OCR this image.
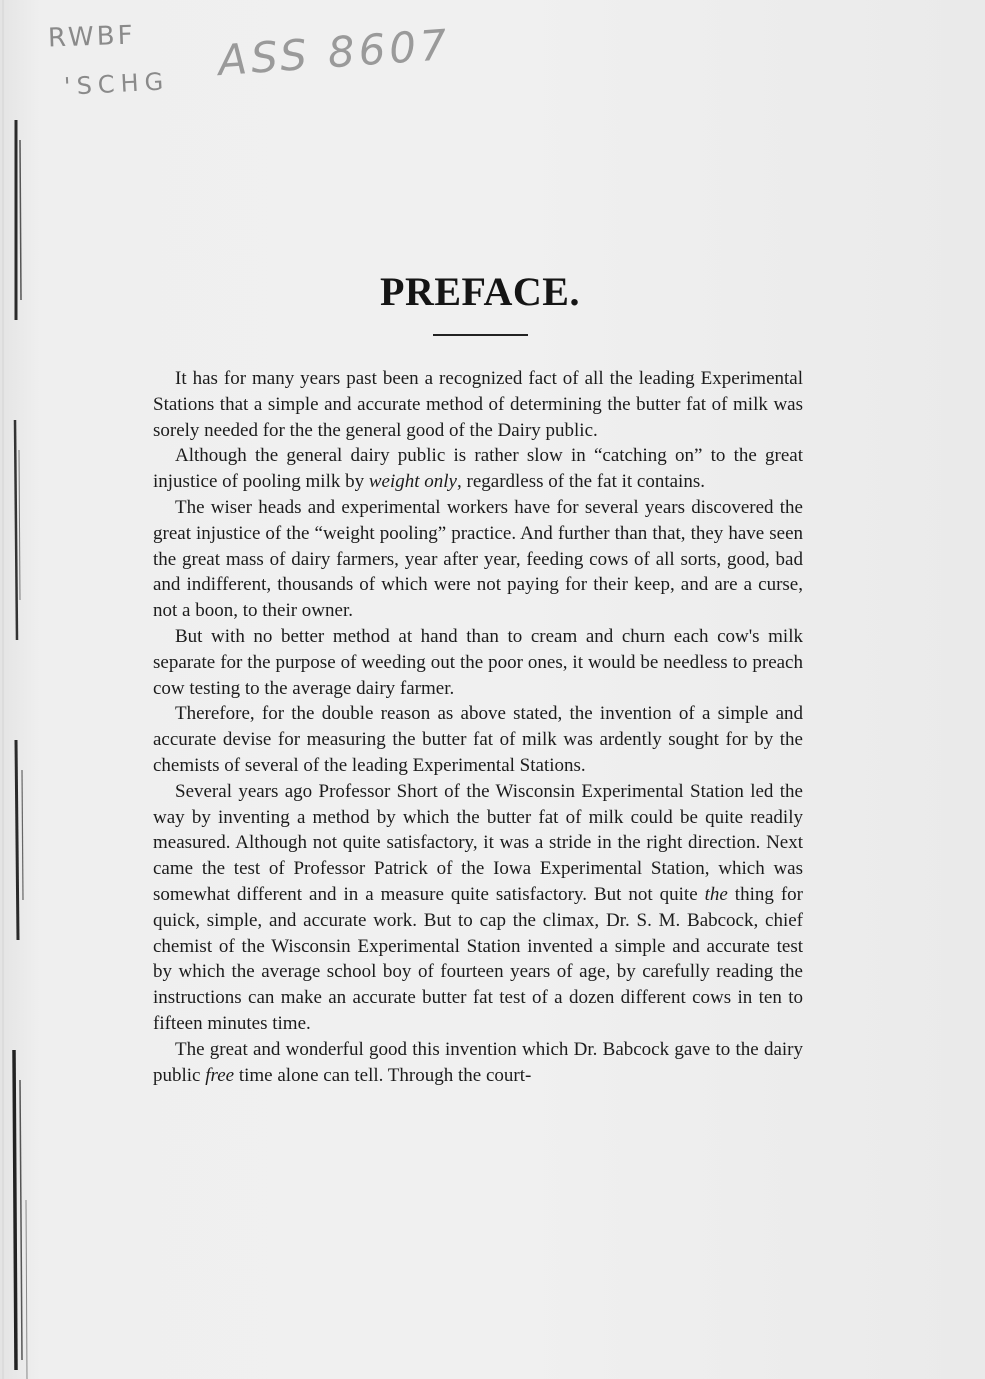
RWBF
'SCHG ASS 8607
PREFACE.

It has for many years past been a recognized fact of all the leading Experimental Stations that a simple and accurate method of determining the butter fat of milk was sorely needed for the the general good of the Dairy public.

Although the general dairy public is rather slow in “catching on” to the great injustice of pooling milk by weight only, regardless of the fat it contains.

The wiser heads and experimental workers have for several years discovered the great injustice of the “weight pooling” practice. And further than that, they have seen the great mass of dairy farmers, year after year, feeding cows of all sorts, good, bad and indifferent, thousands of which were not paying for their keep, and are a curse, not a boon, to their owner.

But with no better method at hand than to cream and churn each cow's milk separate for the purpose of weeding out the poor ones, it would be needless to preach cow testing to the average dairy farmer.

Therefore, for the double reason as above stated, the invention of a simple and accurate devise for measuring the butter fat of milk was ardently sought for by the chemists of several of the leading Experimental Stations.

Several years ago Professor Short of the Wisconsin Experimental Station led the way by inventing a method by which the butter fat of milk could be quite readily measured. Although not quite satisfactory, it was a stride in the right direction. Next came the test of Professor Patrick of the Iowa Experimental Station, which was somewhat different and in a measure quite satisfactory. But not quite the thing for quick, simple, and accurate work. But to cap the climax, Dr. S. M. Babcock, chief chemist of the Wisconsin Experimental Station invented a simple and accurate test by which the average school boy of fourteen years of age, by carefully reading the instructions can make an accurate butter fat test of a dozen different cows in ten to fifteen minutes time.

The great and wonderful good this invention which Dr. Babcock gave to the dairy public free time alone can tell. Through the court-
